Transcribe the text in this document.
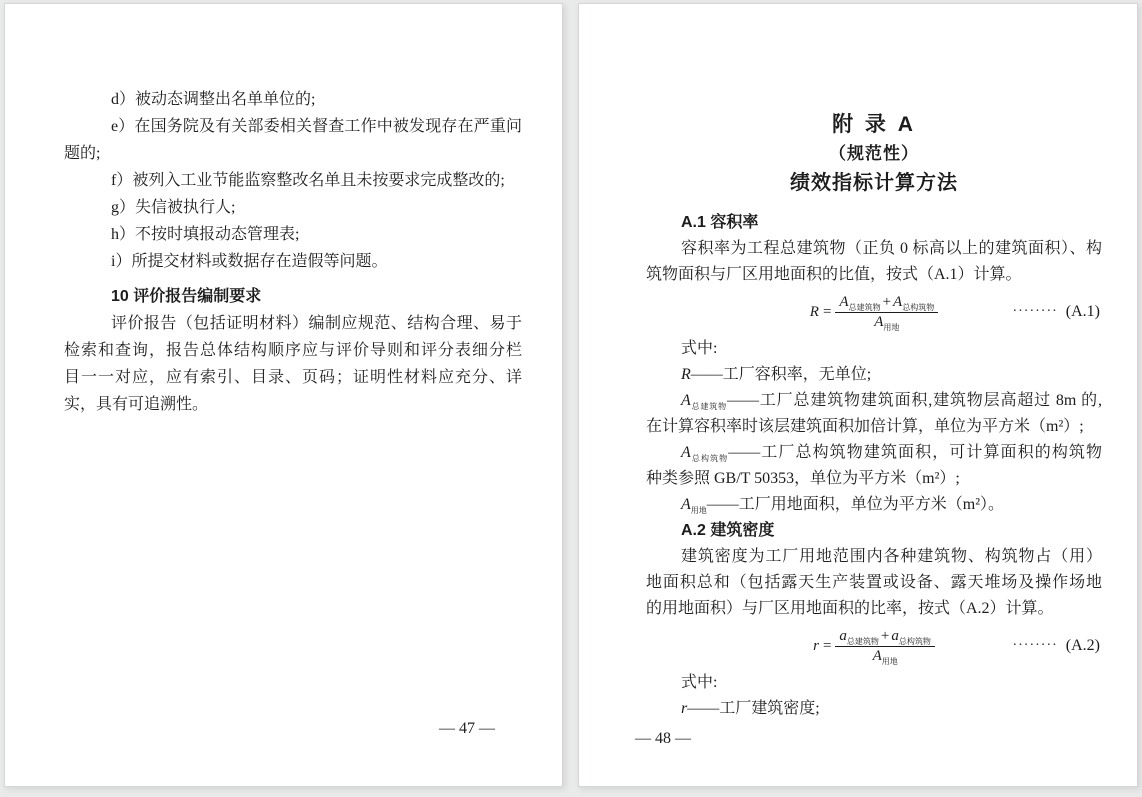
d）被动态调整出名单单位的;
e）在国务院及有关部委相关督查工作中被发现存在严重问
题的;
f）被列入工业节能监察整改名单且未按要求完成整改的;
g）失信被执行人;
h）不按时填报动态管理表;
i）所提交材料或数据存在造假等问题。
10 评价报告编制要求
评价报告（包括证明材料）编制应规范、结构合理、易于
检索和查询，报告总体结构顺序应与评价导则和评分表细分栏
目一一对应，应有索引、目录、页码；证明性材料应充分、详
实，具有可追溯性。
— 47 —
附 录 A
（规范性）
绩效指标计算方法
A.1 容积率
容积率为工程总建筑物（正负 0 标高以上的建筑面积）、构
筑物面积与厂区用地面积的比值，按式（A.1）计算。
$R = \frac{A_{总建筑物} + A_{总构筑物}}{A_{用地}}$	········ (A.1)
式中:
R——工厂容积率，无单位;
$A_{总建筑物}——$工厂总建筑物建筑面积,建筑物层高超过 8m 的,
在计算容积率时该层建筑面积加倍计算，单位为平方米（m²）;
$A_{总构筑物}——$工厂总构筑物建筑面积，可计算面积的构筑物
种类参照 GB/T 50353，单位为平方米（m²）;
$A_{用地}——$工厂用地面积，单位为平方米（m²）。
A.2 建筑密度
建筑密度为工厂用地范围内各种建筑物、构筑物占（用）
地面积总和（包括露天生产装置或设备、露天堆场及操作场地
的用地面积）与厂区用地面积的比率，按式（A.2）计算。
$r = \frac{a_{总建筑物} + a_{总构筑物}}{A_{用地}}$	········ (A.2)
式中:
r——工厂建筑密度;
— 48 —
